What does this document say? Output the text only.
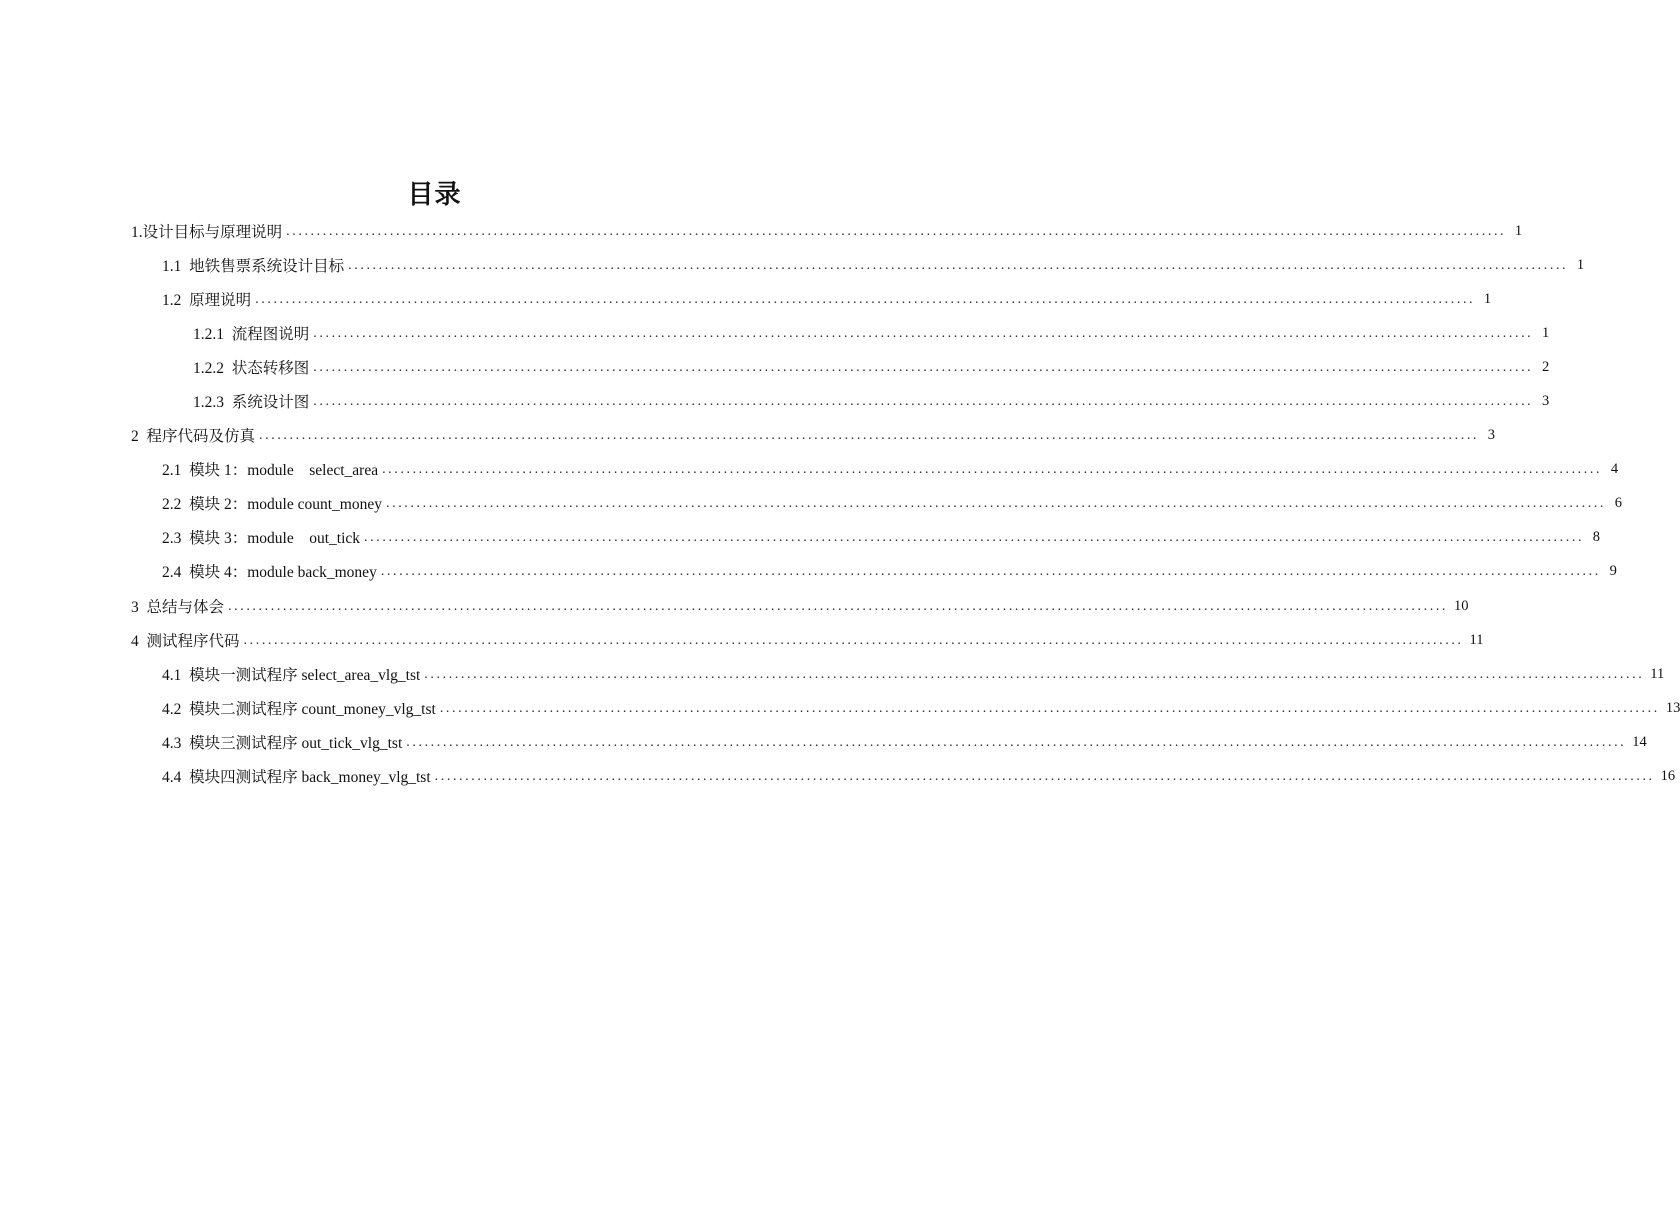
目录
1.设计目标与原理说明 ........................................................................................................................................................................................................ 1
1.1  地铁售票系统设计目标 ........................................................................................................................................................................................................ 1
1.2  原理说明 ........................................................................................................................................................................................................ 1
1.2.1  流程图说明 ........................................................................................................................................................................................................ 1
1.2.2  状态转移图 ........................................................................................................................................................................................................ 2
1.2.3  系统设计图 ........................................................................................................................................................................................................ 3
2  程序代码及仿真 ........................................................................................................................................................................................................ 3
2.1  模块 1：module    select_area ........................................................................................................................................................................................................ 4
2.2  模块 2：module count_money ........................................................................................................................................................................................................ 6
2.3  模块 3：module    out_tick ........................................................................................................................................................................................................ 8
2.4  模块 4：module back_money ........................................................................................................................................................................................................ 9
3  总结与体会 ........................................................................................................................................................................................................ 10
4  测试程序代码 ........................................................................................................................................................................................................ 11
4.1  模块一测试程序 select_area_vlg_tst ........................................................................................................................................................................................................ 11
4.2  模块二测试程序 count_money_vlg_tst ........................................................................................................................................................................................................ 13
4.3  模块三测试程序 out_tick_vlg_tst ........................................................................................................................................................................................................ 14
4.4  模块四测试程序 back_money_vlg_tst ........................................................................................................................................................................................................ 16
